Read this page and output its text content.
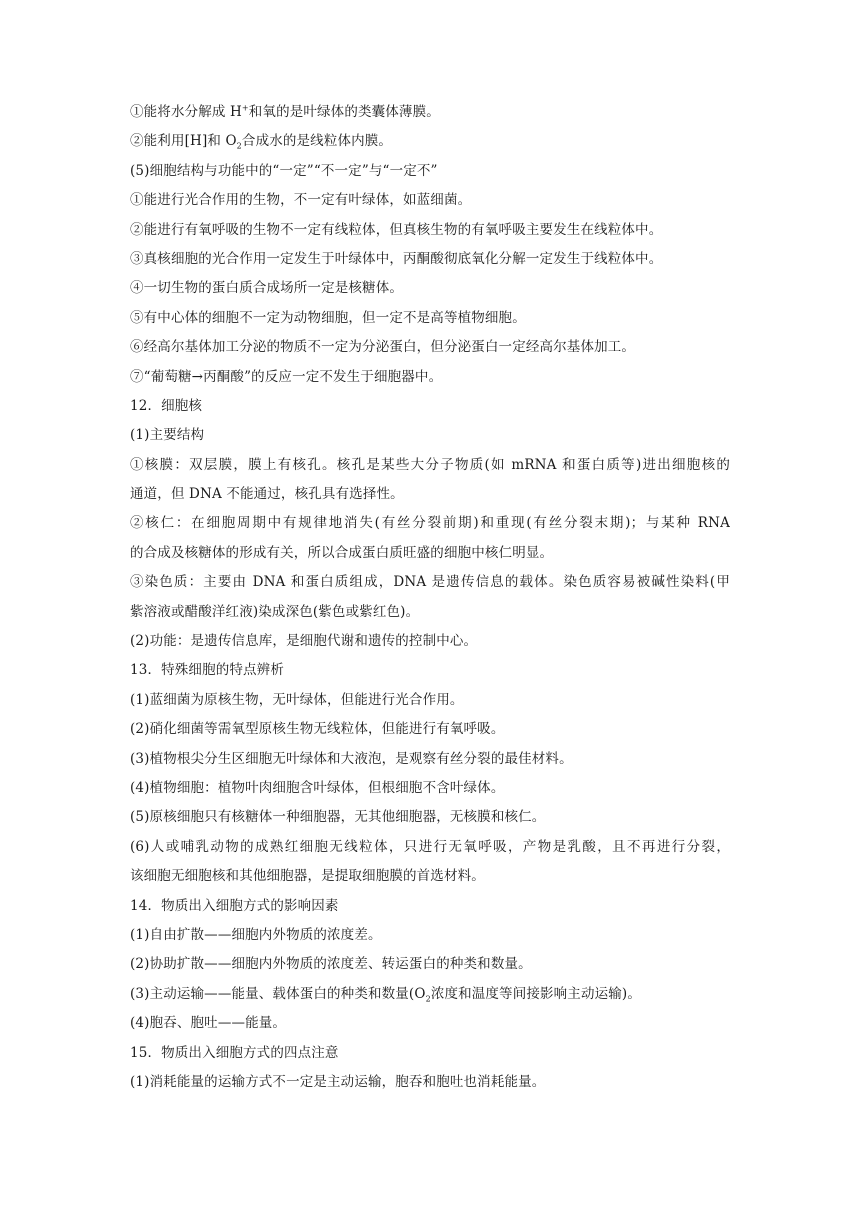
①能将水分解成 H+和氧的是叶绿体的类囊体薄膜。
②能利用[H]和 $O_2$合成水的是线粒体内膜。
(5)细胞结构与功能中的“一定”“不一定”与“一定不”
①能进行光合作用的生物，不一定有叶绿体，如蓝细菌。
②能进行有氧呼吸的生物不一定有线粒体，但真核生物的有氧呼吸主要发生在线粒体中。
③真核细胞的光合作用一定发生于叶绿体中，丙酮酸彻底氧化分解一定发生于线粒体中。
④一切生物的蛋白质合成场所一定是核糖体。
⑤有中心体的细胞不一定为动物细胞，但一定不是高等植物细胞。
⑥经高尔基体加工分泌的物质不一定为分泌蛋白，但分泌蛋白一定经高尔基体加工。
⑦“葡萄糖→丙酮酸”的反应一定不发生于细胞器中。
12．细胞核
(1)主要结构
①核膜：双层膜，膜上有核孔。核孔是某些大分子物质(如 mRNA 和蛋白质等)进出细胞核的
通道，但 DNA 不能通过，核孔具有选择性。
②核仁：在细胞周期中有规律地消失(有丝分裂前期)和重现(有丝分裂末期)；与某种 RNA
的合成及核糖体的形成有关，所以合成蛋白质旺盛的细胞中核仁明显。
③染色质：主要由 DNA 和蛋白质组成，DNA 是遗传信息的载体。染色质容易被碱性染料(甲
紫溶液或醋酸洋红液)染成深色(紫色或紫红色)。
(2)功能：是遗传信息库，是细胞代谢和遗传的控制中心。
13．特殊细胞的特点辨析
(1)蓝细菌为原核生物，无叶绿体，但能进行光合作用。
(2)硝化细菌等需氧型原核生物无线粒体，但能进行有氧呼吸。
(3)植物根尖分生区细胞无叶绿体和大液泡，是观察有丝分裂的最佳材料。
(4)植物细胞：植物叶肉细胞含叶绿体，但根细胞不含叶绿体。
(5)原核细胞只有核糖体一种细胞器，无其他细胞器，无核膜和核仁。
(6)人或哺乳动物的成熟红细胞无线粒体，只进行无氧呼吸，产物是乳酸，且不再进行分裂，
该细胞无细胞核和其他细胞器，是提取细胞膜的首选材料。
14．物质出入细胞方式的影响因素
(1)自由扩散——细胞内外物质的浓度差。
(2)协助扩散——细胞内外物质的浓度差、转运蛋白的种类和数量。
(3)主动运输——能量、载体蛋白的种类和数量($O_2$浓度和温度等间接影响主动运输)。
(4)胞吞、胞吐——能量。
15．物质出入细胞方式的四点注意
(1)消耗能量的运输方式不一定是主动运输，胞吞和胞吐也消耗能量。
